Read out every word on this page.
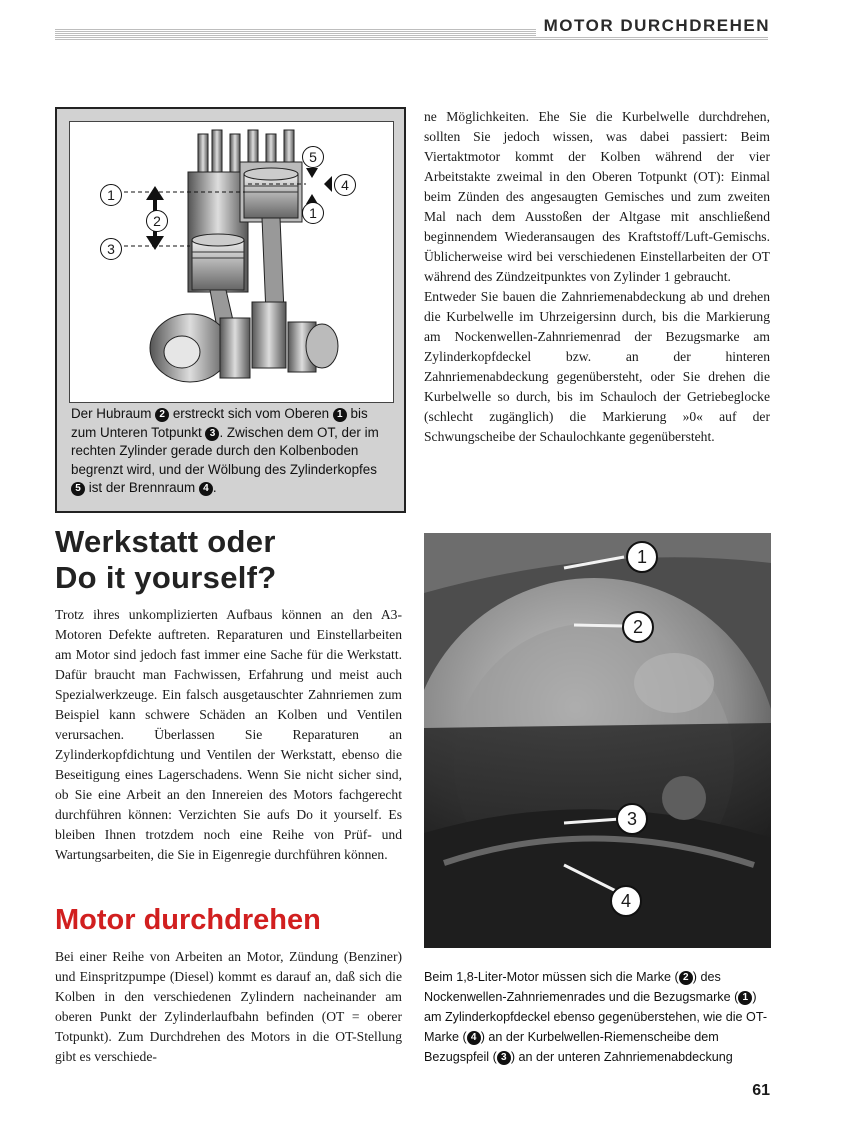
MOTOR DURCHDREHEN
1
2
3
5
4
1
Der Hubraum 2 erstreckt sich vom Oberen 1 bis zum Unteren Totpunkt 3 . Zwischen dem OT, der im rechten Zylinder gerade durch den Kolbenboden begrenzt wird, und der Wölbung des Zylinderkopfes 5 ist der Brennraum 4 .
Werkstatt oder
Do it yourself?

Trotz ihres unkomplizierten Aufbaus können an den A3-Motoren Defekte auftreten. Reparaturen und Einstellarbeiten am Motor sind jedoch fast immer eine Sache für die Werkstatt. Dafür braucht man Fachwissen, Erfahrung und meist auch Spezialwerkzeuge. Ein falsch ausgetauschter Zahnriemen zum Beispiel kann schwere Schäden an Kolben und Ventilen verursachen. Überlassen Sie Reparaturen an Zylinderkopfdichtung und Ventilen der Werkstatt, ebenso die Beseitigung eines Lagerschadens. Wenn Sie nicht sicher sind, ob Sie eine Arbeit an den Innereien des Motors fachgerecht durchführen können: Verzichten Sie aufs Do it yourself. Es bleiben Ihnen trotzdem noch eine Reihe von Prüf- und Wartungsarbeiten, die Sie in Eigenregie durchführen können.

Motor durchdrehen

Bei einer Reihe von Arbeiten an Motor, Zündung (Benziner) und Einspritzpumpe (Diesel) kommt es darauf an, daß sich die Kolben in den verschiedenen Zylindern nacheinander am oberen Punkt der Zylinderlaufbahn befinden (OT = oberer Totpunkt). Zum Durchdrehen des Motors in die OT-Stellung gibt es verschiede-

ne Möglichkeiten. Ehe Sie die Kurbelwelle durchdrehen, sollten Sie jedoch wissen, was dabei passiert: Beim Viertaktmotor kommt der Kolben während der vier Arbeitstakte zweimal in den Oberen Totpunkt (OT): Einmal beim Zünden des angesaugten Gemisches und zum zweiten Mal nach dem Ausstoßen der Altgase mit anschließend beginnendem Wiederansaugen des Kraftstoff/Luft-Gemischs. Üblicherweise wird bei verschiedenen Einstellarbeiten der OT während des Zündzeitpunktes von Zylinder 1 gebraucht.

Entweder Sie bauen die Zahnriemenabdeckung ab und drehen die Kurbelwelle im Uhrzeigersinn durch, bis die Markierung am Nockenwellen-Zahnriemenrad der Bezugsmarke am Zylinderkopfdeckel bzw. an der hinteren Zahnriemenabdeckung gegenübersteht, oder Sie drehen die Kurbelwelle so durch, bis im Schauloch der Getriebeglocke (schlecht zugänglich) die Markierung »0« auf der Schwungscheibe der Schaulochkante gegenübersteht.

1
2
3
4

Beim 1,8-Liter-Motor müssen sich die Marke ( 2 ) des Nockenwellen-Zahnriemenrades und die Bezugsmarke ( 1 ) am Zylinderkopfdeckel ebenso gegenüberstehen, wie die OT-Marke ( 4 ) an der Kurbelwellen-Riemenscheibe dem Bezugspfeil ( 3 ) an der unteren Zahnriemenabdeckung

61
